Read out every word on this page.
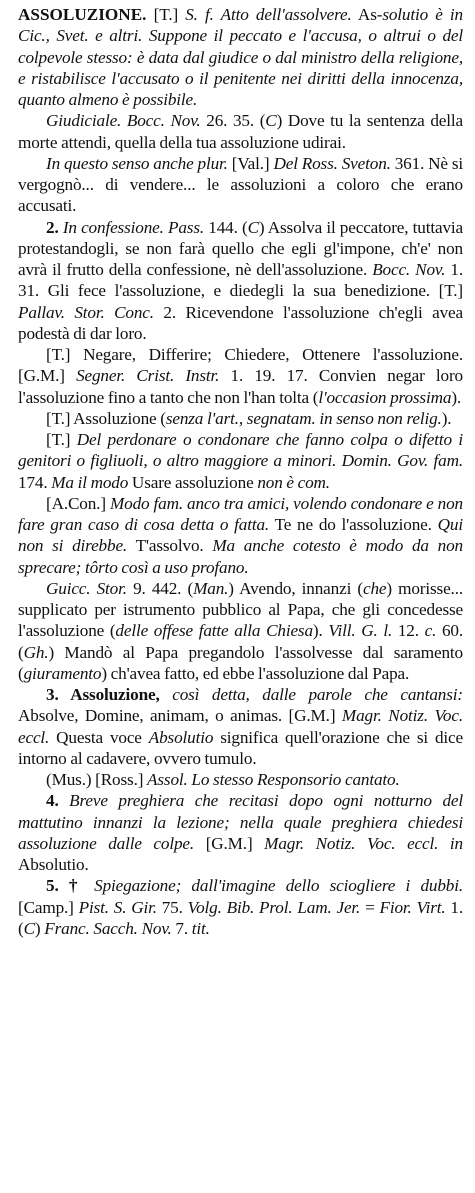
ASSOLUZIONE. [T.] S. f. Atto dell'assolvere. As-solutio è in Cic., Svet. e altri. Suppone il peccato e l'accusa, o altrui o del colpevole stesso: è data dal giudice o dal ministro della religione, e ristabilisce l'accusato o il penitente nei diritti della innocenza, quanto almeno è possibile.

Giudiciale. Bocc. Nov. 26. 35. (C) Dove tu la sentenza della morte attendi, quella della tua assoluzione udirai.

In questo senso anche plur. [Val.] Del Ross. Sveton. 361. Nè si vergognò... di vendere... le assoluzioni a coloro che erano accusati.

2. In confessione. Pass. 144. (C) Assolva il peccatore, tuttavia protestandogli, se non farà quello che egli gl'impone, ch'e' non avrà il frutto della confessione, nè dell'assoluzione. Bocc. Nov. 1. 31. Gli fece l'assoluzione, e diedegli la sua benedizione. [T.] Pallav. Stor. Conc. 2. Ricevendone l'assoluzione ch'egli avea podestà di dar loro.

[T.] Negare, Differire; Chiedere, Ottenere l'assoluzione. [G.M.] Segner. Crist. Instr. 1. 19. 17. Convien negar loro l'assoluzione fino a tanto che non l'han tolta (l'occasion prossima).

[T.] Assoluzione (senza l'art., segnatam. in senso non relig.).

[T.] Del perdonare o condonare che fanno colpa o difetto i genitori o figliuoli, o altro maggiore a minori. Domin. Gov. fam. 174. Ma il modo Usare assoluzione non è com.

[A.Con.] Modo fam. anco tra amici, volendo condonare e non fare gran caso di cosa detta o fatta. Te ne do l'assoluzione. Qui non si direbbe. T'assolvo. Ma anche cotesto è modo da non sprecare; tôrto così a uso profano.

Guicc. Stor. 9. 442. (Man.) Avendo, innanzi (che) morisse... supplicato per istrumento pubblico al Papa, che gli concedesse l'assoluzione (delle offese fatte alla Chiesa). Vill. G. l. 12. c. 60. (Gh.) Mandò al Papa pregandolo l'assolvesse dal saramento (giuramento) ch'avea fatto, ed ebbe l'assoluzione dal Papa.

3. Assoluzione, così detta, dalle parole che cantansi: Absolve, Domine, animam, o animas. [G.M.] Magr. Notiz. Voc. eccl. Questa voce Absolutio significa quell'orazione che si dice intorno al cadavere, ovvero tumulo.

(Mus.) [Ross.] Assol. Lo stesso Responsorio cantato.

4. Breve preghiera che recitasi dopo ogni notturno del mattutino innanzi la lezione; nella quale preghiera chiedesi assoluzione dalle colpe. [G.M.] Magr. Notiz. Voc. eccl. in Absolutio.

5. † Spiegazione; dall'imagine dello sciogliere i dubbi. [Camp.] Pist. S. Gir. 75. Volg. Bib. Prol. Lam. Jer. = Fior. Virt. 1. (C) Franc. Sacch. Nov. 7. tit.
